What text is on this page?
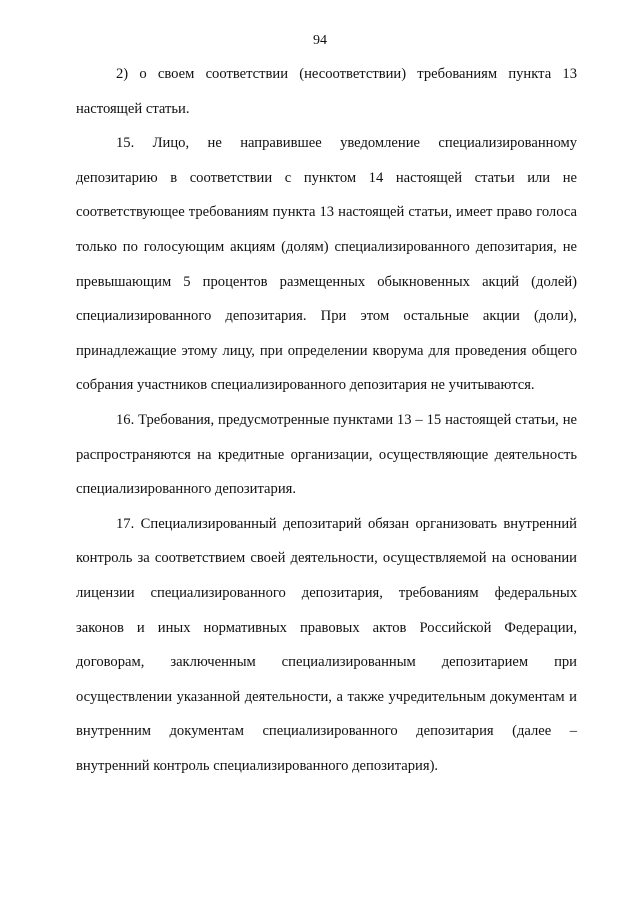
94

2) о своем соответствии (несоответствии) требованиям пункта 13 настоящей статьи.

15. Лицо, не направившее уведомление специализированному депозитарию в соответствии с пунктом 14 настоящей статьи или не соответствующее требованиям пункта 13 настоящей статьи, имеет право голоса только по голосующим акциям (долям) специализированного депозитария, не превышающим 5 процентов размещенных обыкновенных акций (долей) специализированного депозитария. При этом остальные акции (доли), принадлежащие этому лицу, при определении кворума для проведения общего собрания участников специализированного депозитария не учитываются.

16. Требования, предусмотренные пунктами 13 – 15 настоящей статьи, не распространяются на кредитные организации, осуществляющие деятельность специализированного депозитария.

17. Специализированный депозитарий обязан организовать внутренний контроль за соответствием своей деятельности, осуществляемой на основании лицензии специализированного депозитария, требованиям федеральных законов и иных нормативных правовых актов Российской Федерации, договорам, заключенным специализированным депозитарием при осуществлении указанной деятельности, а также учредительным документам и внутренним документам специализированного депозитария (далее – внутренний контроль специализированного депозитария).
